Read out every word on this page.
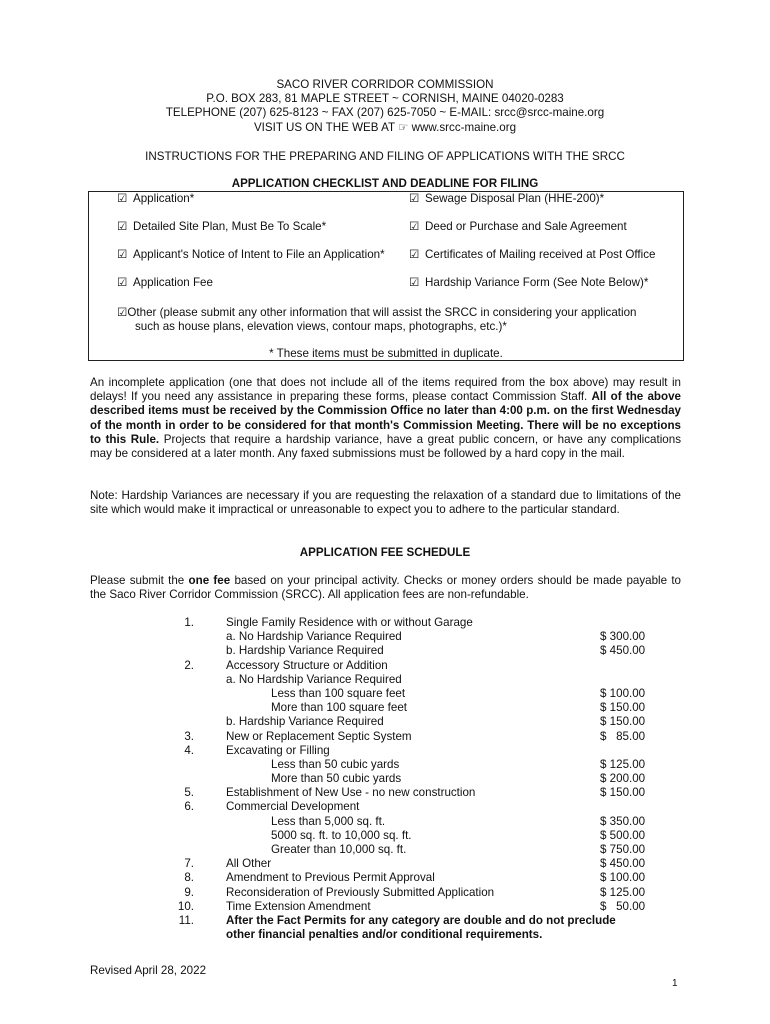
SACO RIVER CORRIDOR COMMISSION
P.O. BOX 283, 81 MAPLE STREET ~ CORNISH, MAINE 04020-0283
TELEPHONE (207) 625-8123 ~ FAX (207) 625-7050 ~ E-MAIL: srcc@srcc-maine.org
VISIT US ON THE WEB AT ☞ www.srcc-maine.org
INSTRUCTIONS FOR THE PREPARING AND FILING OF APPLICATIONS WITH THE SRCC
APPLICATION CHECKLIST AND DEADLINE FOR FILING
☑Other (please submit any other information that will assist the SRCC in considering your application
such as house plans, elevation views, contour maps, photographs, etc.)*
* These items must be submitted in duplicate.
☑ Application*	☑ Sewage Disposal Plan (HHE-200)*
☑ Detailed Site Plan, Must Be To Scale*	☑ Deed or Purchase and Sale Agreement
☑ Applicant's Notice of Intent to File an Application* ☑ Certificates of Mailing received at Post Office
☑ Application Fee	☑ Hardship Variance Form (See Note Below)*
An incomplete application (one that does not include all of the items required from the box above) may result in delays! If you need any assistance in preparing these forms, please contact Commission Staff. All of the above described items must be received by the Commission Office no later than 4:00 p.m. on the first Wednesday of the month in order to be considered for that month's Commission Meeting. There will be no exceptions to this Rule. Projects that require a hardship variance, have a great public concern, or have any complications may be considered at a later month. Any faxed submissions must be followed by a hard copy in the mail.
Note: Hardship Variances are necessary if you are requesting the relaxation of a standard due to limitations of the site which would make it impractical or unreasonable to expect you to adhere to the particular standard.
APPLICATION FEE SCHEDULE
Please submit the one fee based on your principal activity. Checks or money orders should be made payable to the Saco River Corridor Commission (SRCC). All application fees are non-refundable.
1.	Single Family Residence with or without Garage
a. No Hardship Variance Required	$ 300.00
b. Hardship Variance Required	$ 450.00
2.	Accessory Structure or Addition
a. No Hardship Variance Required
Less than 100 square feet	$ 100.00
More than 100 square feet	$ 150.00
b. Hardship Variance Required	$ 150.00
3.	New or Replacement Septic System	$   85.00
4.	Excavating or Filling
Less than 50 cubic yards	$ 125.00
More than 50 cubic yards	$ 200.00
5.	Establishment of New Use - no new construction	$ 150.00
6.	Commercial Development
Less than 5,000 sq. ft.	$ 350.00
5000 sq. ft. to 10,000 sq. ft.	$ 500.00
Greater than 10,000 sq. ft.	$ 750.00
7.	All Other	$ 450.00
8.	Amendment to Previous Permit Approval	$ 100.00
9.	Reconsideration of Previously Submitted Application	$ 125.00
10.	Time Extension Amendment	$   50.00
11.	After the Fact Permits for any category are double and do not preclude
other financial penalties and/or conditional requirements.
Revised April 28, 2022
1
